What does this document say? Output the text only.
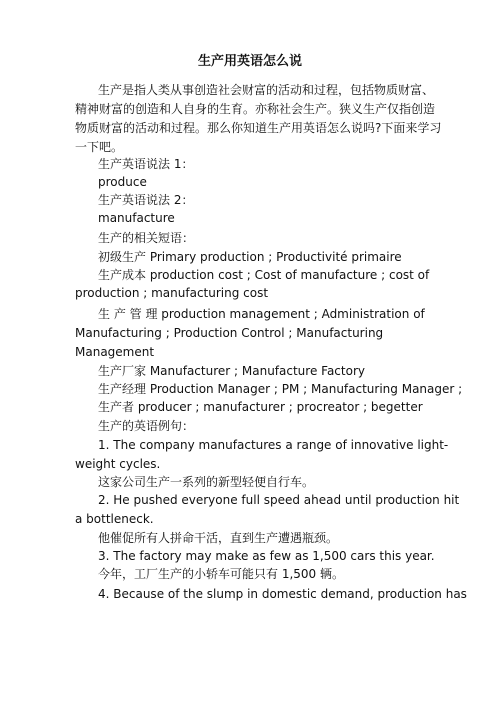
生产用英语怎么说

生产是指人类从事创造社会财富的活动和过程，包括物质财富、

精神财富的创造和人自身的生育。亦称社会生产。狭义生产仅指创造

物质财富的活动和过程。那么你知道生产用英语怎么说吗?下面来学习

一下吧。

生产英语说法 1：

produce

生产英语说法 2：

manufacture

生产的相关短语：

初级生产 Primary production ; Productivité primaire

生产成本 production cost ; Cost of manufacture ; cost of

production ; manufacturing cost

生 产 管 理 production management ; Administration of

Manufacturing ; Production Control ; Manufacturing

Management

生产厂家 Manufacturer ; Manufacture Factory

生产经理 Production Manager ; PM ; Manufacturing Manager ;

生产者 producer ; manufacturer ; procreator ; begetter

生产的英语例句：

1. The company manufactures a range of innovative light-

weight cycles.

这家公司生产一系列的新型轻便自行车。

2. He pushed everyone full speed ahead until production hit

a bottleneck.

他催促所有人拼命干活，直到生产遭遇瓶颈。

3. The factory may make as few as 1,500 cars this year.

今年，工厂生产的小轿车可能只有 1,500 辆。

4. Because of the slump in domestic demand, production has
